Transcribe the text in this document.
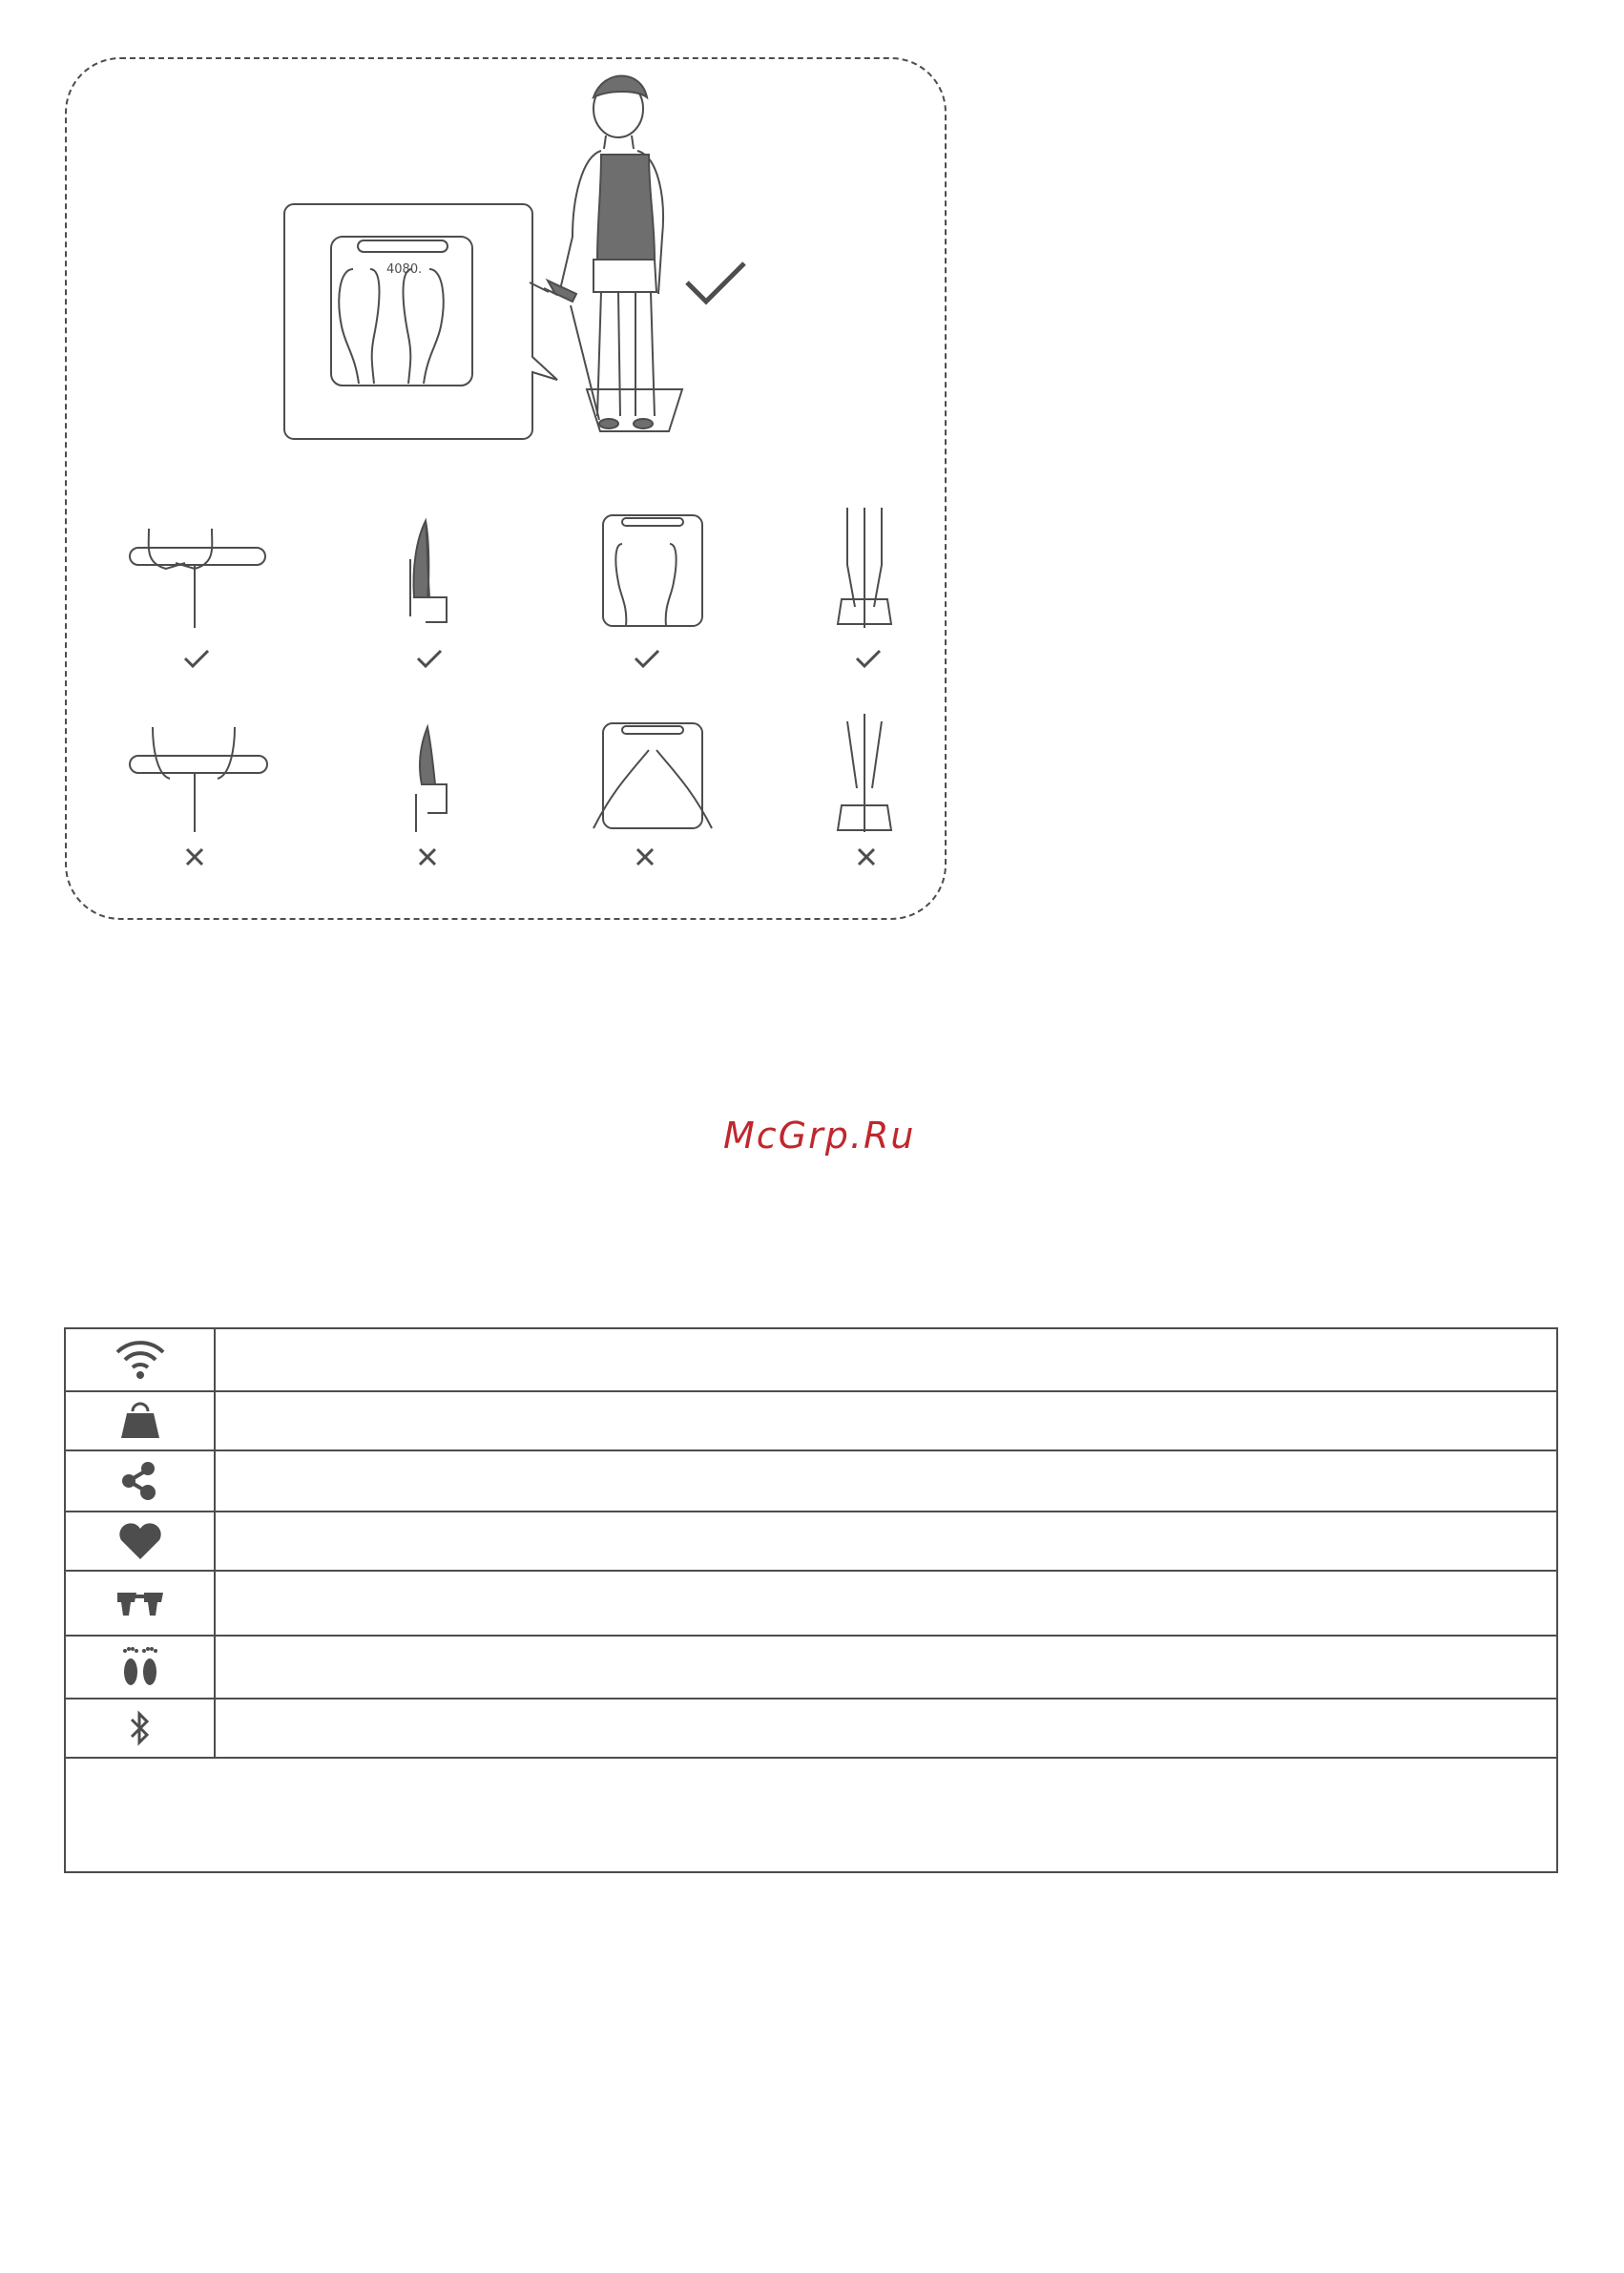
4080.
McGrp.Ru
